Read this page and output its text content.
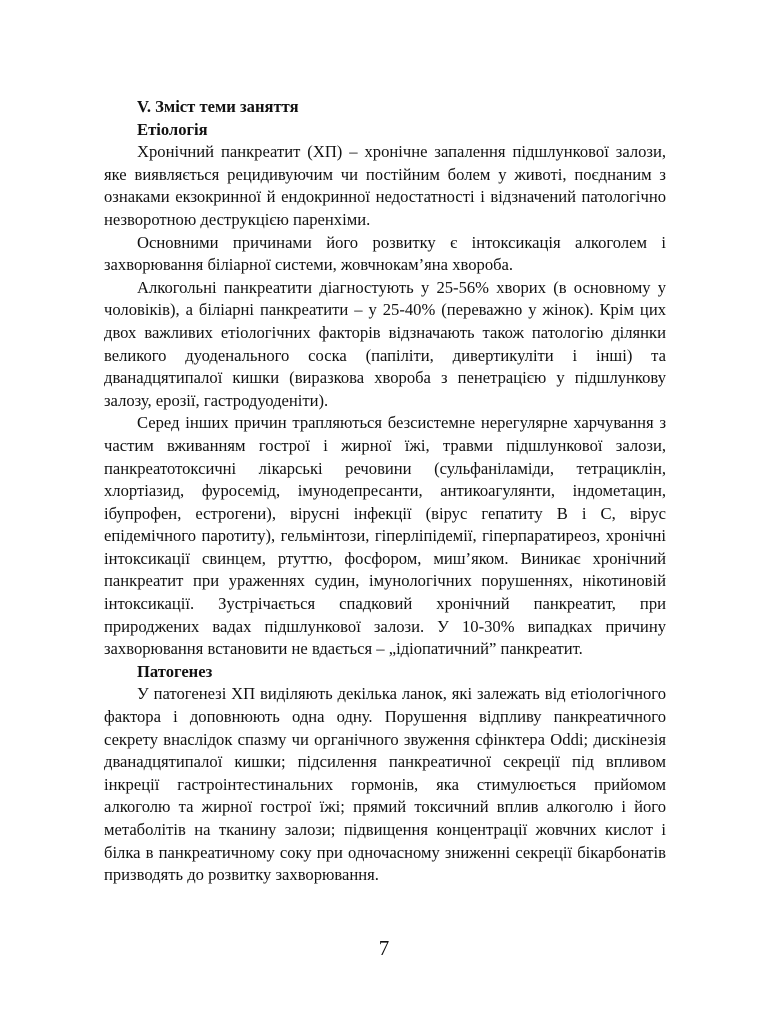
V. Зміст теми заняття

Етіологія

Хронічний панкреатит (ХП) – хронічне запалення підшлункової залози, яке виявляється рецидивуючим чи постійним болем у животі, поєднаним з ознаками екзокринної й ендокринної недостатності і відзначений патологічно незворотною деструкцією паренхіми.

Основними причинами його розвитку є інтоксикація алкоголем і захворювання біліарної системи, жовчнокам’яна хвороба.

Алкогольні панкреатити діагностують у 25-56% хворих (в основному у чоловіків), а біліарні панкреатити – у 25-40% (переважно у жінок). Крім цих двох важливих етіологічних факторів відзначають також патологію ділянки великого дуоденального соска (папіліти, дивертикуліти і інші) та дванадцятипалої кишки (виразкова хвороба з пенетрацією у підшлункову залозу, ерозії, гастродуоденіти).

Серед інших причин трапляються безсистемне нерегулярне харчування з частим вживанням гострої і жирної їжі, травми підшлункової залози, панкреатотоксичні лікарські речовини (сульфаніламіди, тетрациклін, хлортіазид, фуросемід, імунодепресанти, антикоагулянти, індометацин, ібупрофен, естрогени), вірусні інфекції (вірус гепатиту В і С, вірус епідемічного паротиту), гельмінтози, гіперліпідемії, гіперпаратиреоз, хронічні інтоксикації свинцем, ртуттю, фосфором, миш’яком. Виникає хронічний панкреатит при ураженнях судин, імунологічних порушеннях, нікотиновій інтоксикації. Зустрічається спадковий хронічний панкреатит, при природжених вадах підшлункової залози. У 10-30% випадках причину захворювання встановити не вдається – „ідіопатичний” панкреатит.

Патогенез

У патогенезі ХП виділяють декілька ланок, які залежать від етіологічного фактора і доповнюють одна одну. Порушення відпливу панкреатичного секрету внаслідок спазму чи органічного звуження сфінктера Oddi; дискінезія дванадцятипалої кишки; підсилення панкреатичної секреції під впливом інкреції гастроінтестинальних гормонів, яка стимулюється прийомом алкоголю та жирної гострої їжі; прямий токсичний вплив алкоголю і його метаболітів на тканину залози; підвищення концентрації жовчних кислот і білка в панкреатичному соку при одночасному зниженні секреції бікарбонатів призводять до розвитку захворювання.

7
